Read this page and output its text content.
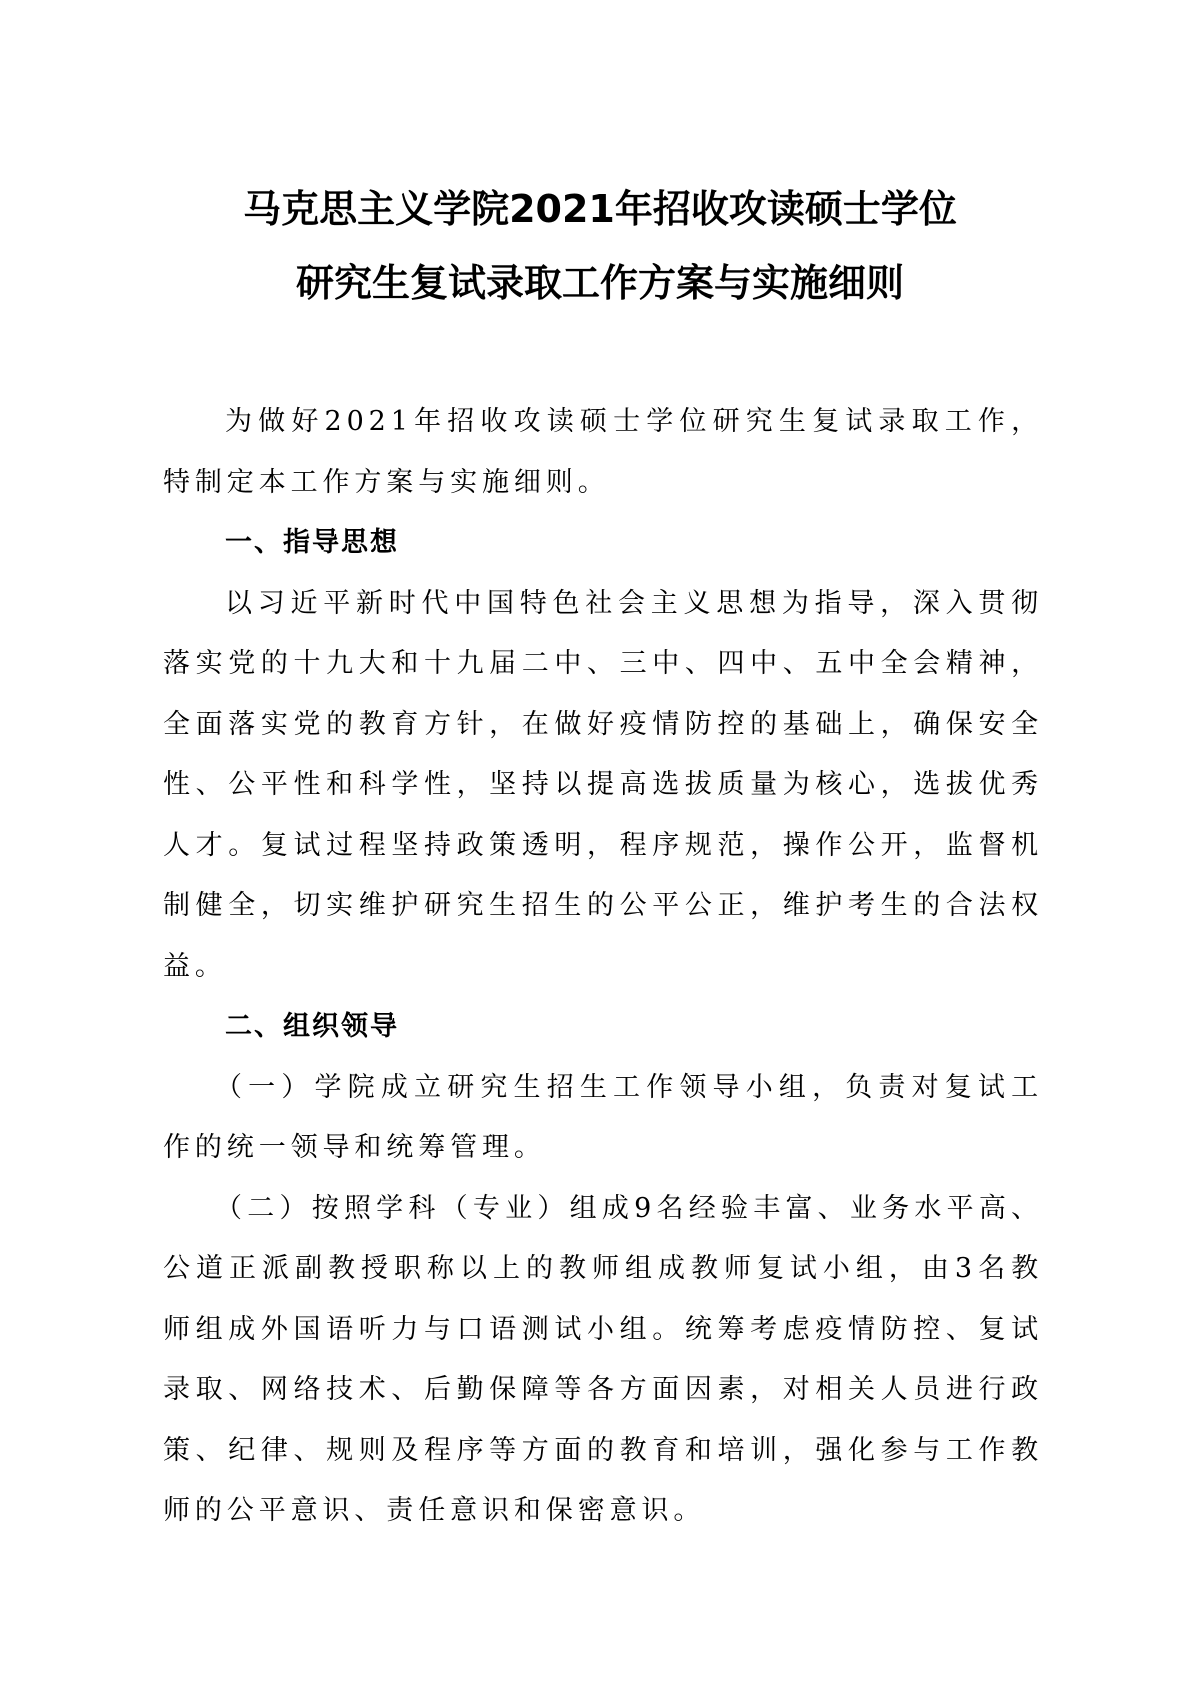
马克思主义学院2021年招收攻读硕士学位
研究生复试录取工作方案与实施细则

为做好2021年招收攻读硕士学位研究生复试录取工作，特制定本工作方案与实施细则。

一、指导思想

以习近平新时代中国特色社会主义思想为指导，深入贯彻落实党的十九大和十九届二中、三中、四中、五中全会精神，全面落实党的教育方针，在做好疫情防控的基础上，确保安全性、公平性和科学性，坚持以提高选拔质量为核心，选拔优秀人才。复试过程坚持政策透明，程序规范，操作公开，监督机制健全，切实维护研究生招生的公平公正，维护考生的合法权益。

二、组织领导

（一）学院成立研究生招生工作领导小组，负责对复试工作的统一领导和统筹管理。

（二）按照学科（专业）组成9名经验丰富、业务水平高、公道正派副教授职称以上的教师组成教师复试小组，由3名教师组成外国语听力与口语测试小组。统筹考虑疫情防控、复试录取、网络技术、后勤保障等各方面因素，对相关人员进行政策、纪律、规则及程序等方面的教育和培训，强化参与工作教师的公平意识、责任意识和保密意识。
